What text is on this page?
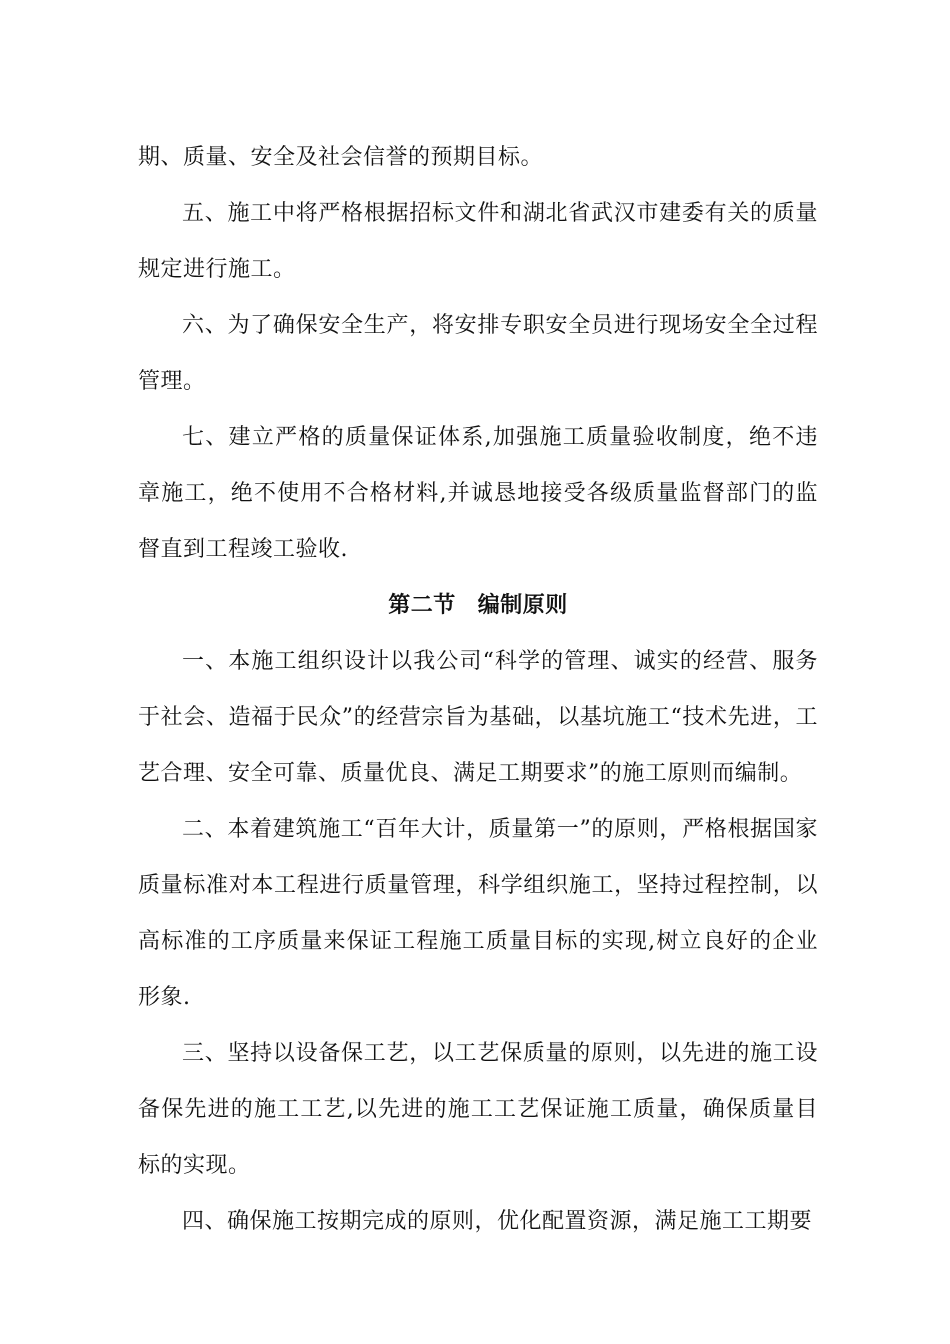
期、质量、安全及社会信誉的预期目标。

五、施工中将严格根据招标文件和湖北省武汉市建委有关的质量规定进行施工。

六、为了确保安全生产，将安排专职安全员进行现场安全全过程管理。

七、建立严格的质量保证体系,加强施工质量验收制度，绝不违章施工，绝不使用不合格材料,并诚恳地接受各级质量监督部门的监督直到工程竣工验收.

第二节 编制原则

一、本施工组织设计以我公司“科学的管理、诚实的经营、服务于社会、造福于民众”的经营宗旨为基础，以基坑施工“技术先进，工艺合理、安全可靠、质量优良、满足工期要求”的施工原则而编制。

二、本着建筑施工“百年大计，质量第一”的原则，严格根据国家质量标准对本工程进行质量管理，科学组织施工，坚持过程控制，以高标准的工序质量来保证工程施工质量目标的实现,树立良好的企业形象.

三、坚持以设备保工艺，以工艺保质量的原则，以先进的施工设备保先进的施工工艺,以先进的施工工艺保证施工质量，确保质量目标的实现。

四、确保施工按期完成的原则，优化配置资源，满足施工工期要
